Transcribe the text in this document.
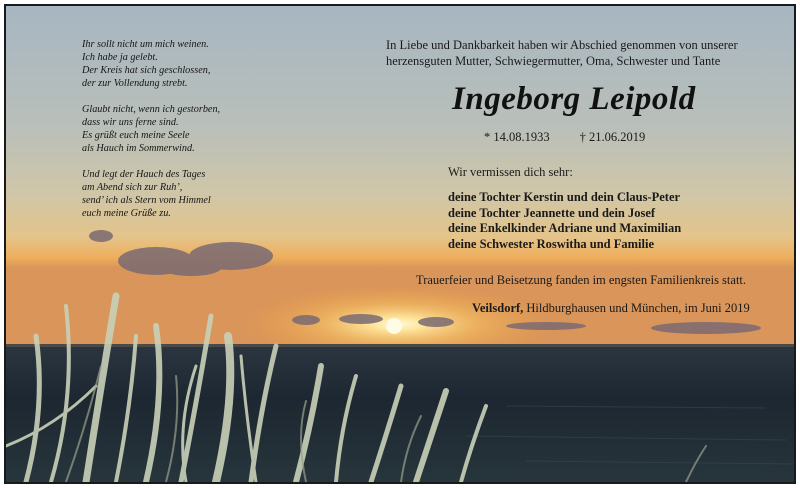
Ihr sollt nicht um mich weinen.
Ich habe ja gelebt.
Der Kreis hat sich geschlossen,
der zur Vollendung strebt.
Glaubt nicht, wenn ich gestorben,
dass wir uns ferne sind.
Es grüßt euch meine Seele
als Hauch im Sommerwind.
Und legt der Hauch des Tages
am Abend sich zur Ruh’,
send’ ich als Stern vom Himmel
euch meine Grüße zu.
In Liebe und Dankbarkeit haben wir Abschied genommen von unserer
herzensguten Mutter, Schwiegermutter, Oma, Schwester und Tante
Ingeborg Leipold
* 14.08.1933 † 21.06.2019
Wir vermissen dich sehr:
deine Tochter Kerstin und dein Claus-Peter
deine Tochter Jeannette und dein Josef
deine Enkelkinder Adriane und Maximilian
deine Schwester Roswitha und Familie
Trauerfeier und Beisetzung fanden im engsten Familienkreis statt.
Veilsdorf, Hildburghausen und München, im Juni 2019
